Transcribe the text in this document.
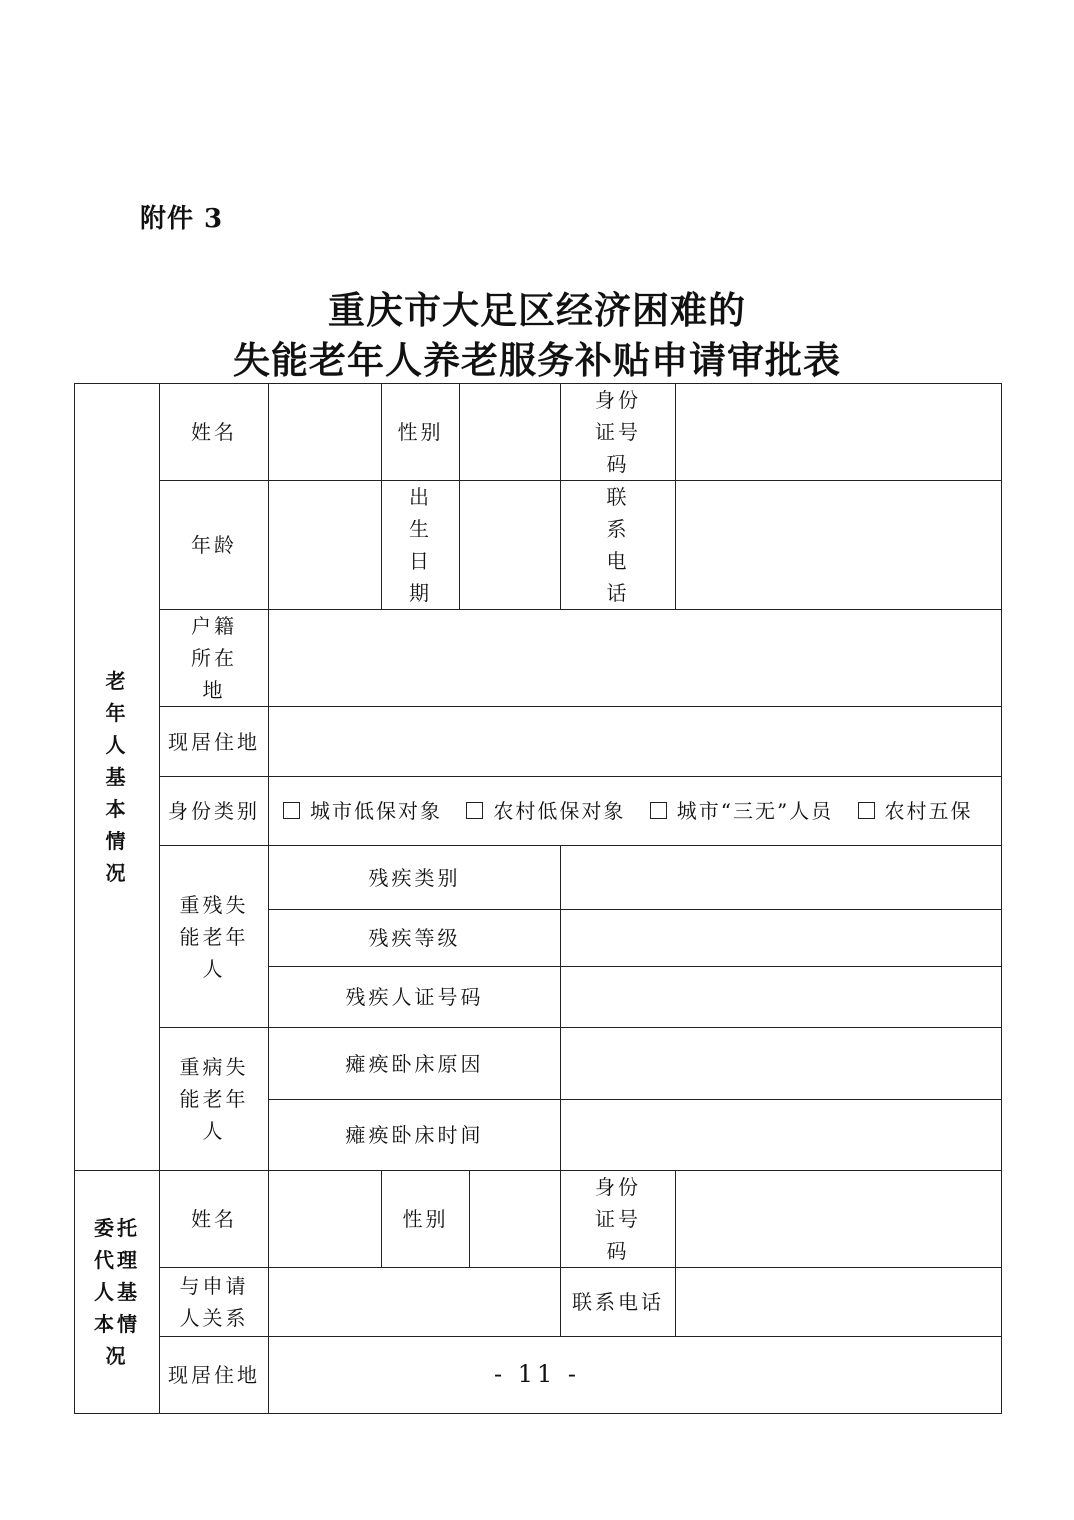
附件 3
重庆市大足区经济困难的
失能老年人养老服务补贴申请审批表
老年人基本情况	姓名		性别			身份证号码	

	年龄		出生日期			联系电话	

	户籍所在地						

	现居住地						
	身份类别	城市低保对象 农村低保对象 城市“三无”人员 农村五保					

	重残失能老年人	残疾类别					
		残疾等级					
		残疾人证号码					

	重病失能老年人	瘫痪卧床原因					
		瘫痪卧床时间					

委托代理人基本情况	姓名		性别			身份证号码	

	与申请人关系					联系电话	
	现居住地							- 11 -
